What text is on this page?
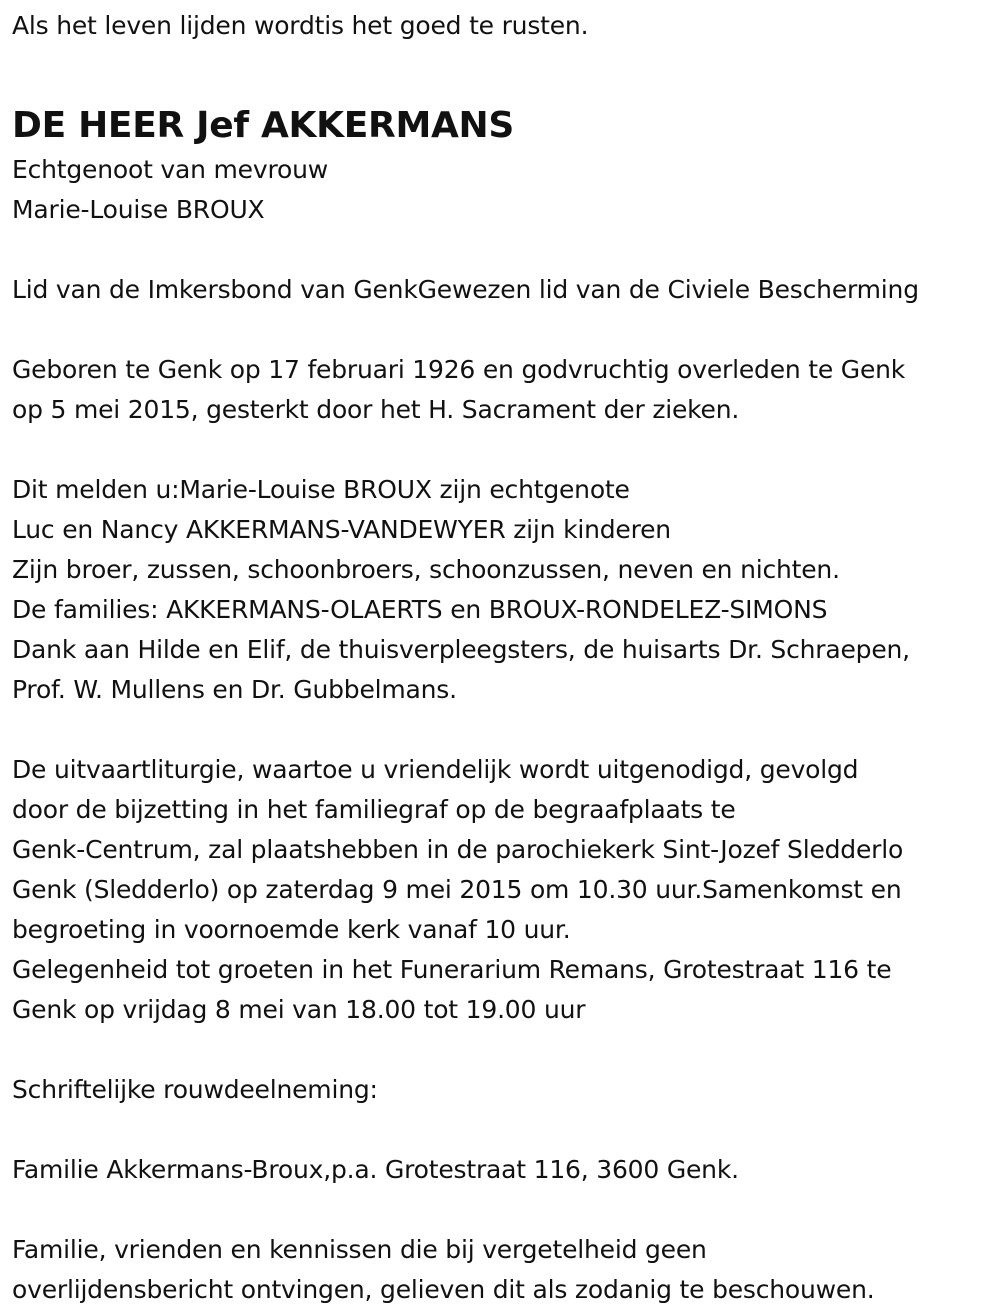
Als het leven lijden wordtis het goed te rusten.
DE HEER Jef AKKERMANS
Echtgenoot van mevrouw
Marie-Louise BROUX
Lid van de Imkersbond van GenkGewezen lid van de Civiele Bescherming
Geboren te Genk op 17 februari 1926 en godvruchtig overleden te Genk
op 5 mei 2015, gesterkt door het H. Sacrament der zieken.
Dit melden u:Marie-Louise BROUX zijn echtgenote
Luc en Nancy AKKERMANS-VANDEWYER zijn kinderen
Zijn broer, zussen, schoonbroers, schoonzussen, neven en nichten.
De families: AKKERMANS-OLAERTS en BROUX-RONDELEZ-SIMONS
Dank aan Hilde en Elif, de thuisverpleegsters, de huisarts Dr. Schraepen,
Prof. W. Mullens en Dr. Gubbelmans.
De uitvaartliturgie, waartoe u vriendelijk wordt uitgenodigd, gevolgd
door de bijzetting in het familiegraf op de begraafplaats te
Genk-Centrum, zal plaatshebben in de parochiekerk Sint-Jozef Sledderlo
Genk (Sledderlo) op zaterdag 9 mei 2015 om 10.30 uur.Samenkomst en
begroeting in voornoemde kerk vanaf 10 uur.
Gelegenheid tot groeten in het Funerarium Remans, Grotestraat 116 te
Genk op vrijdag 8 mei van 18.00 tot 19.00 uur
Schriftelijke rouwdeelneming:
Familie Akkermans-Broux,p.a. Grotestraat 116, 3600 Genk.
Familie, vrienden en kennissen die bij vergetelheid geen
overlijdensbericht ontvingen, gelieven dit als zodanig te beschouwen.
